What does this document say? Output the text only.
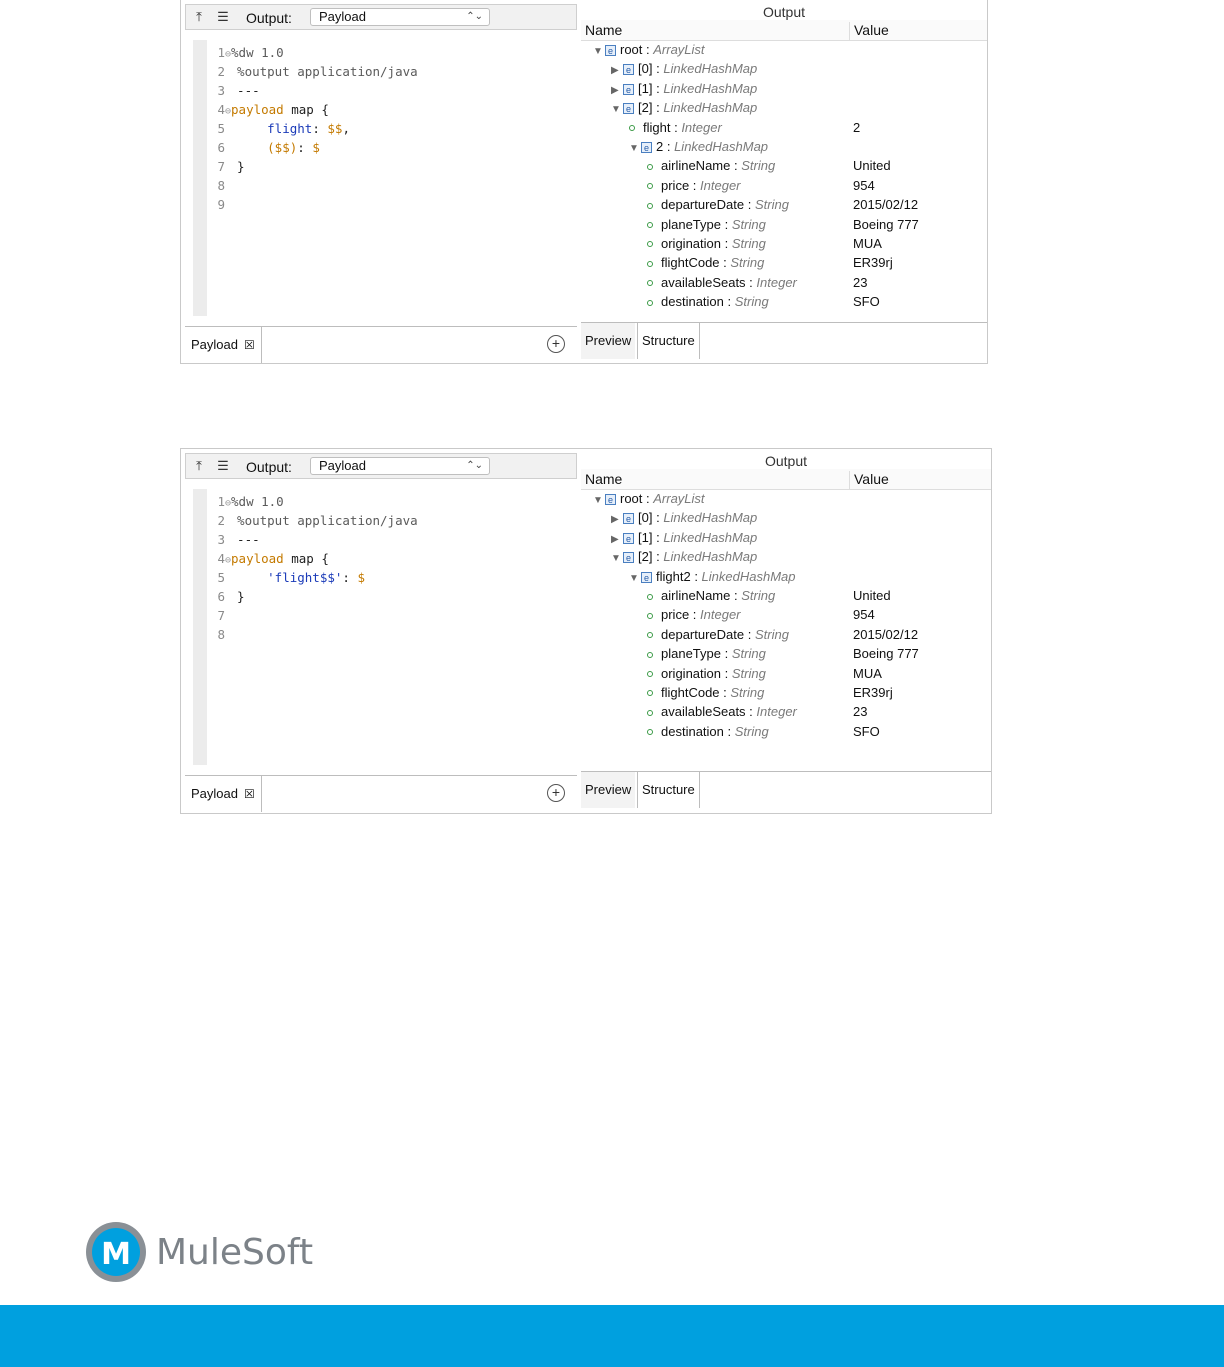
⤒	☰ Output:	Payload	⌃⌄
1⊖%dw 1.0
2 %output application/java
3 ---
4⊖payload map {
5	flight: $$,
6	($$): $
7 }
8
9
Payload ☒	+
Output
Name	Value
▼ e root : ArrayList
▶ e [0] : LinkedHashMap
▶ e [1] : LinkedHashMap
▼ e [2] : LinkedHashMap
flight : Integer	2
▼ e 2 : LinkedHashMap
airlineName : String	United
price : Integer	954
departureDate : String	2015/02/12
planeType : String	Boeing 777
origination : String	MUA
flightCode : String	ER39rj
availableSeats : Integer	23
destination : String	SFO
Preview Structure
⤒	☰ Output:	Payload	⌃⌄
1⊖%dw 1.0
2 %output application/java
3 ---
4⊖payload map {
5	'flight$$': $
6 }
7
8
Payload ☒	+
Output
Name	Value
▼ e root : ArrayList
▶ e [0] : LinkedHashMap
▶ e [1] : LinkedHashMap
▼ e [2] : LinkedHashMap
▼ e flight2 : LinkedHashMap
airlineName : String	United
price : Integer	954
departureDate : String	2015/02/12
planeType : String	Boeing 777
origination : String	MUA
flightCode : String	ER39rj
availableSeats : Integer	23
destination : String	SFO
Preview Structure
M MuleSoft
